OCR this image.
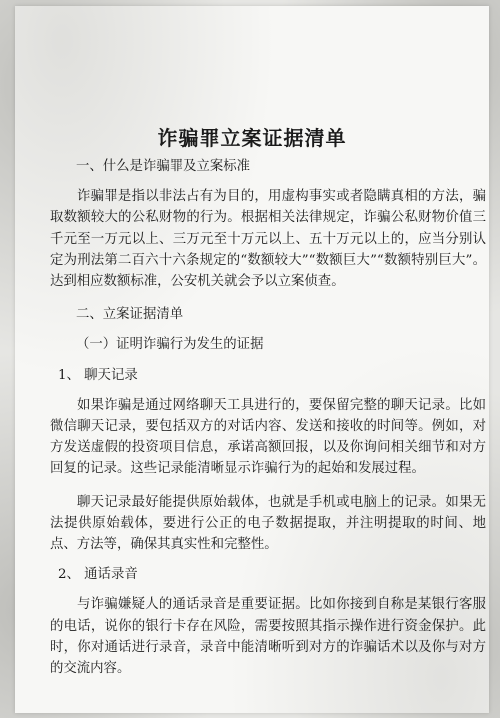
诈骗罪立案证据清单

一、什么是诈骗罪及立案标准

诈骗罪是指以非法占有为目的，用虚构事实或者隐瞒真相的方法，骗取数额较大的公私财物的行为。根据相关法律规定，诈骗公私财物价值三千元至一万元以上、三万元至十万元以上、五十万元以上的，应当分别认定为刑法第二百六十六条规定的“数额较大”“数额巨大”“数额特别巨大”。达到相应数额标准，公安机关就会予以立案侦查。

二、立案证据清单

（一）证明诈骗行为发生的证据

1、 聊天记录

如果诈骗是通过网络聊天工具进行的，要保留完整的聊天记录。比如微信聊天记录，要包括双方的对话内容、发送和接收的时间等。例如，对方发送虚假的投资项目信息，承诺高额回报，以及你询问相关细节和对方回复的记录。这些记录能清晰显示诈骗行为的起始和发展过程。

聊天记录最好能提供原始载体，也就是手机或电脑上的记录。如果无法提供原始载体，要进行公正的电子数据提取，并注明提取的时间、地点、方法等，确保其真实性和完整性。

2、 通话录音

与诈骗嫌疑人的通话录音是重要证据。比如你接到自称是某银行客服的电话，说你的银行卡存在风险，需要按照其指示操作进行资金保护。此时，你对通话进行录音，录音中能清晰听到对方的诈骗话术以及你与对方的交流内容。
